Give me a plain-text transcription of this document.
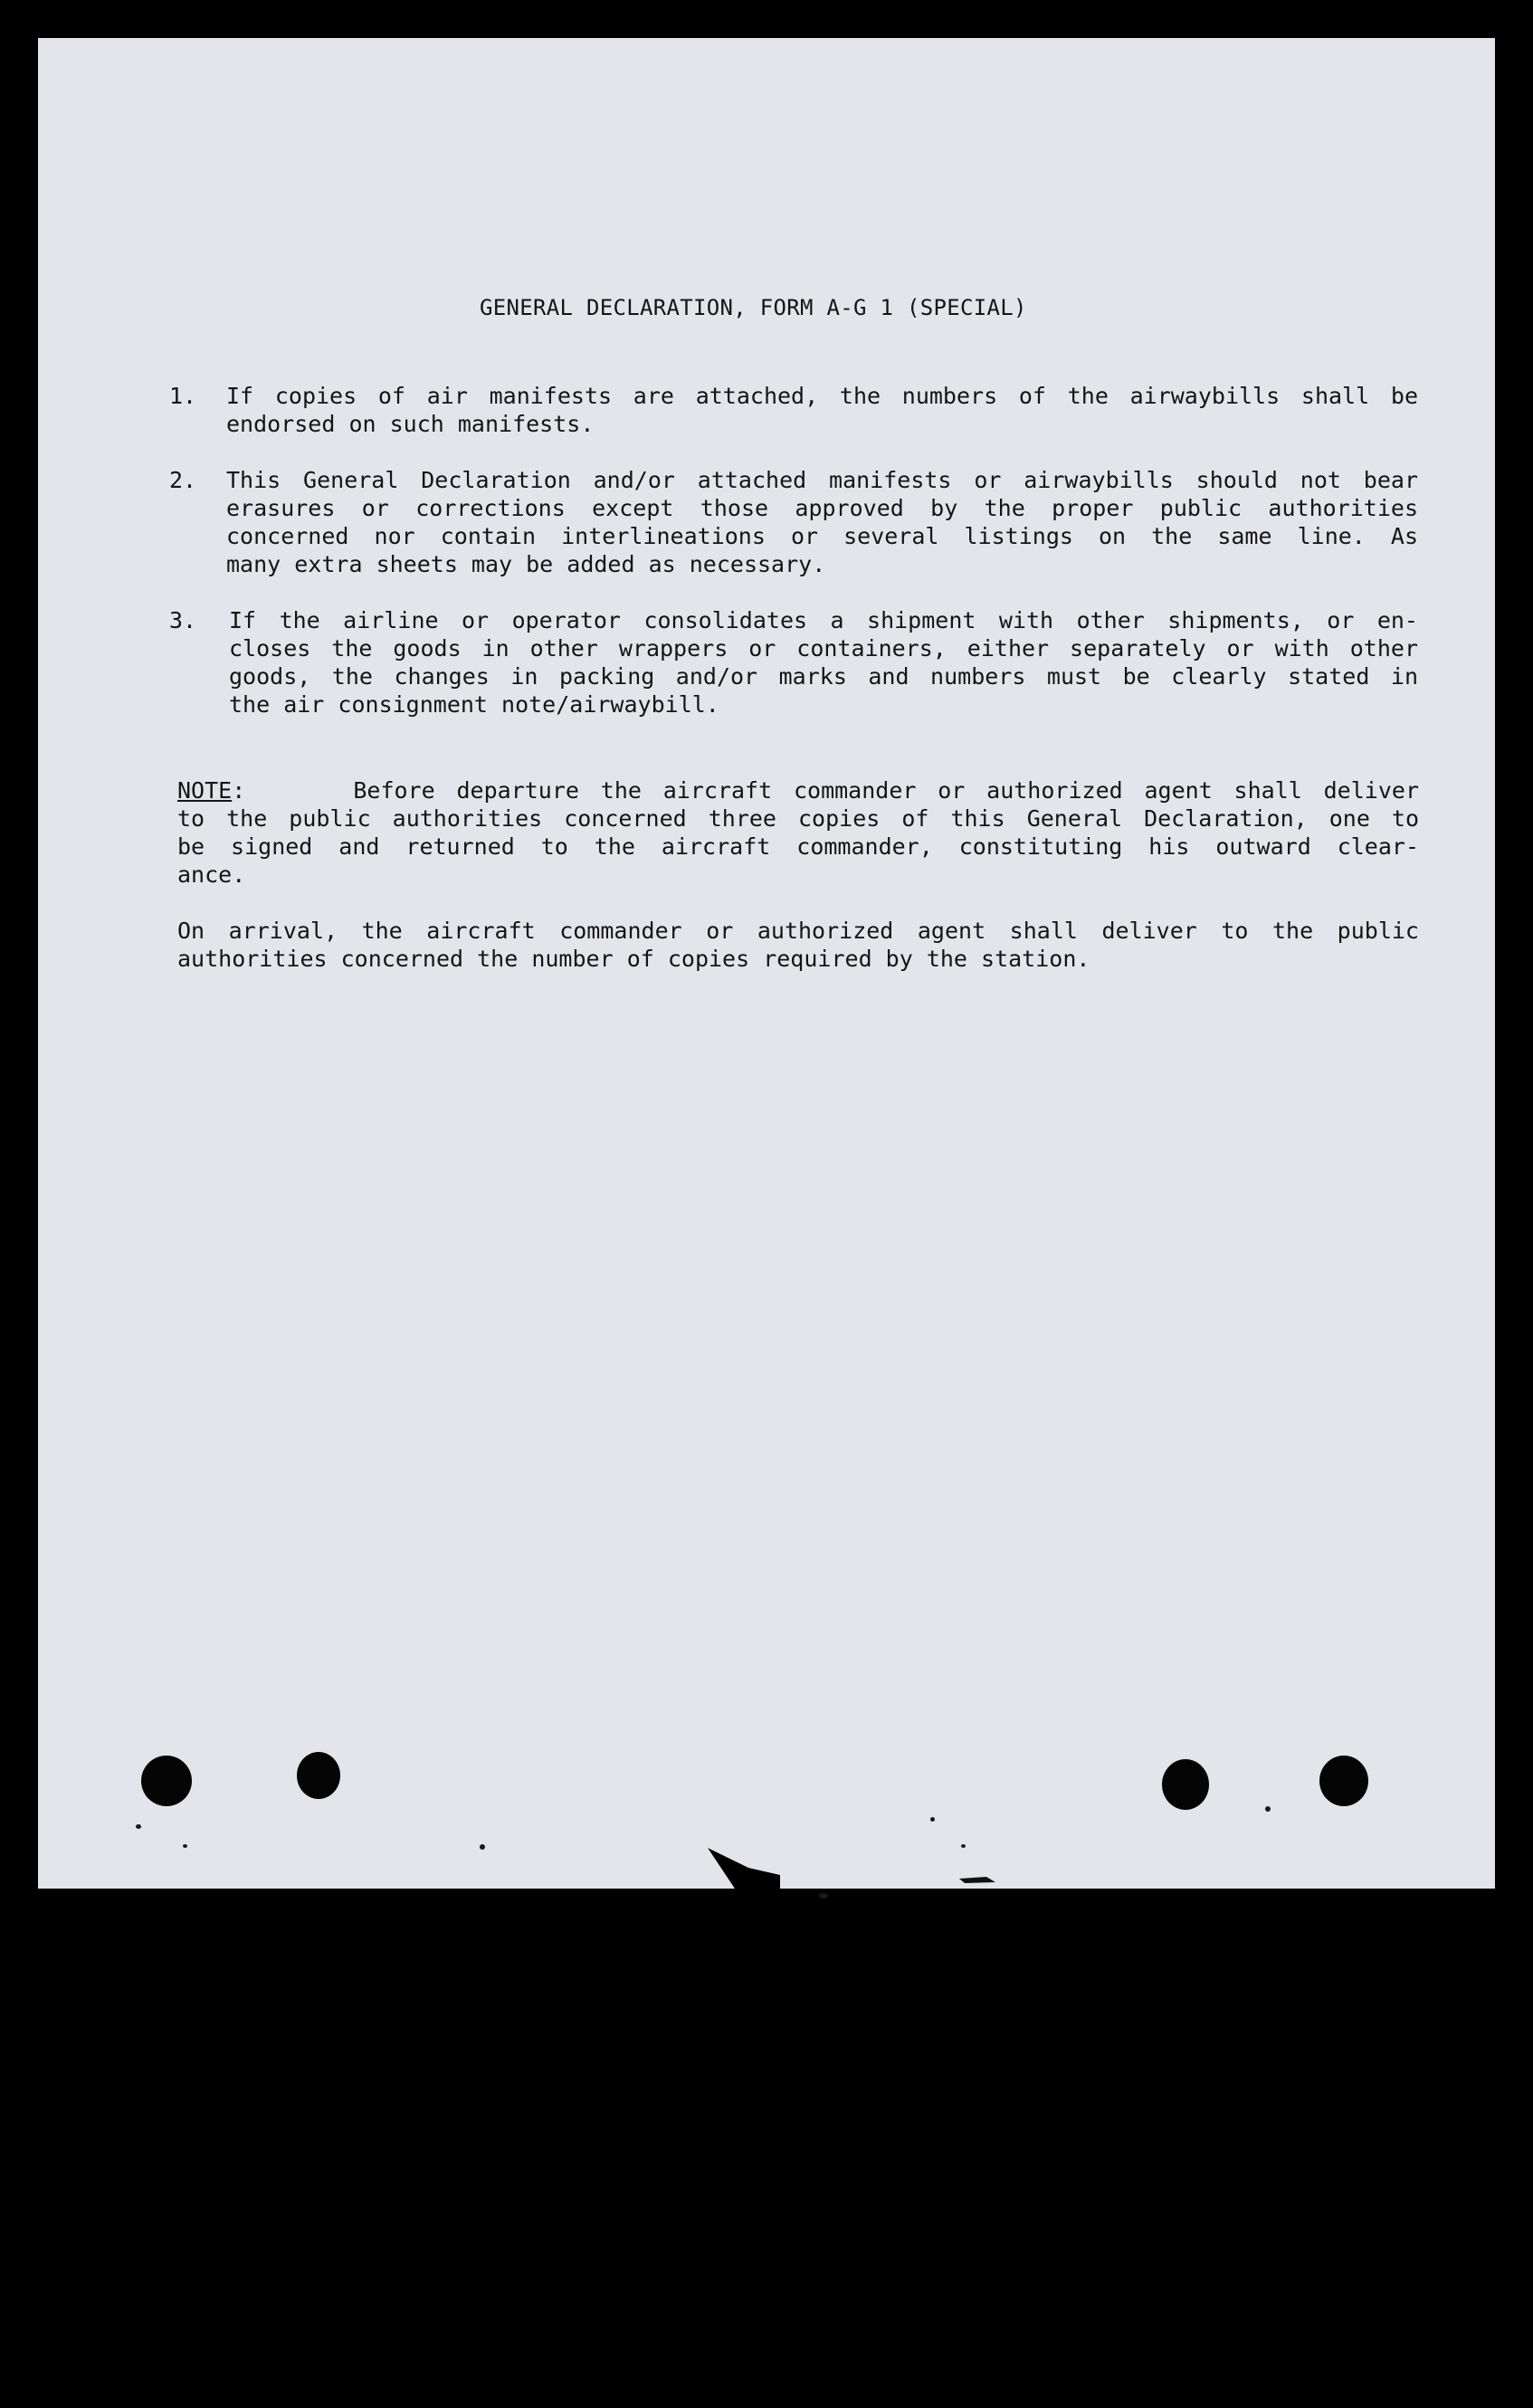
GENERAL DECLARATION, FORM A-G 1 (SPECIAL)
1.	If copies of air manifests are attached, the numbers of the airwaybills shall be
endorsed on such manifests.
2.	This General Declaration and/or attached manifests or airwaybills should not bear
erasures or corrections except those approved by the proper public authorities
concerned nor contain interlineations or several listings on the same line. As
many extra sheets may be added as necessary.
3.	If the airline or operator consolidates a shipment with other shipments, or en-
closes the goods in other wrappers or containers, either separately or with other
goods, the changes in packing and/or marks and numbers must be clearly stated in
the air consignment note/airwaybill.
NOTE:     Before departure the aircraft commander or authorized agent shall deliver
to the public authorities concerned three copies of this General Declaration, one to
be signed and returned to the aircraft commander, constituting his outward clear-
ance.
On arrival, the aircraft commander or authorized agent shall deliver to the public
authorities concerned the number of copies required by the station.
